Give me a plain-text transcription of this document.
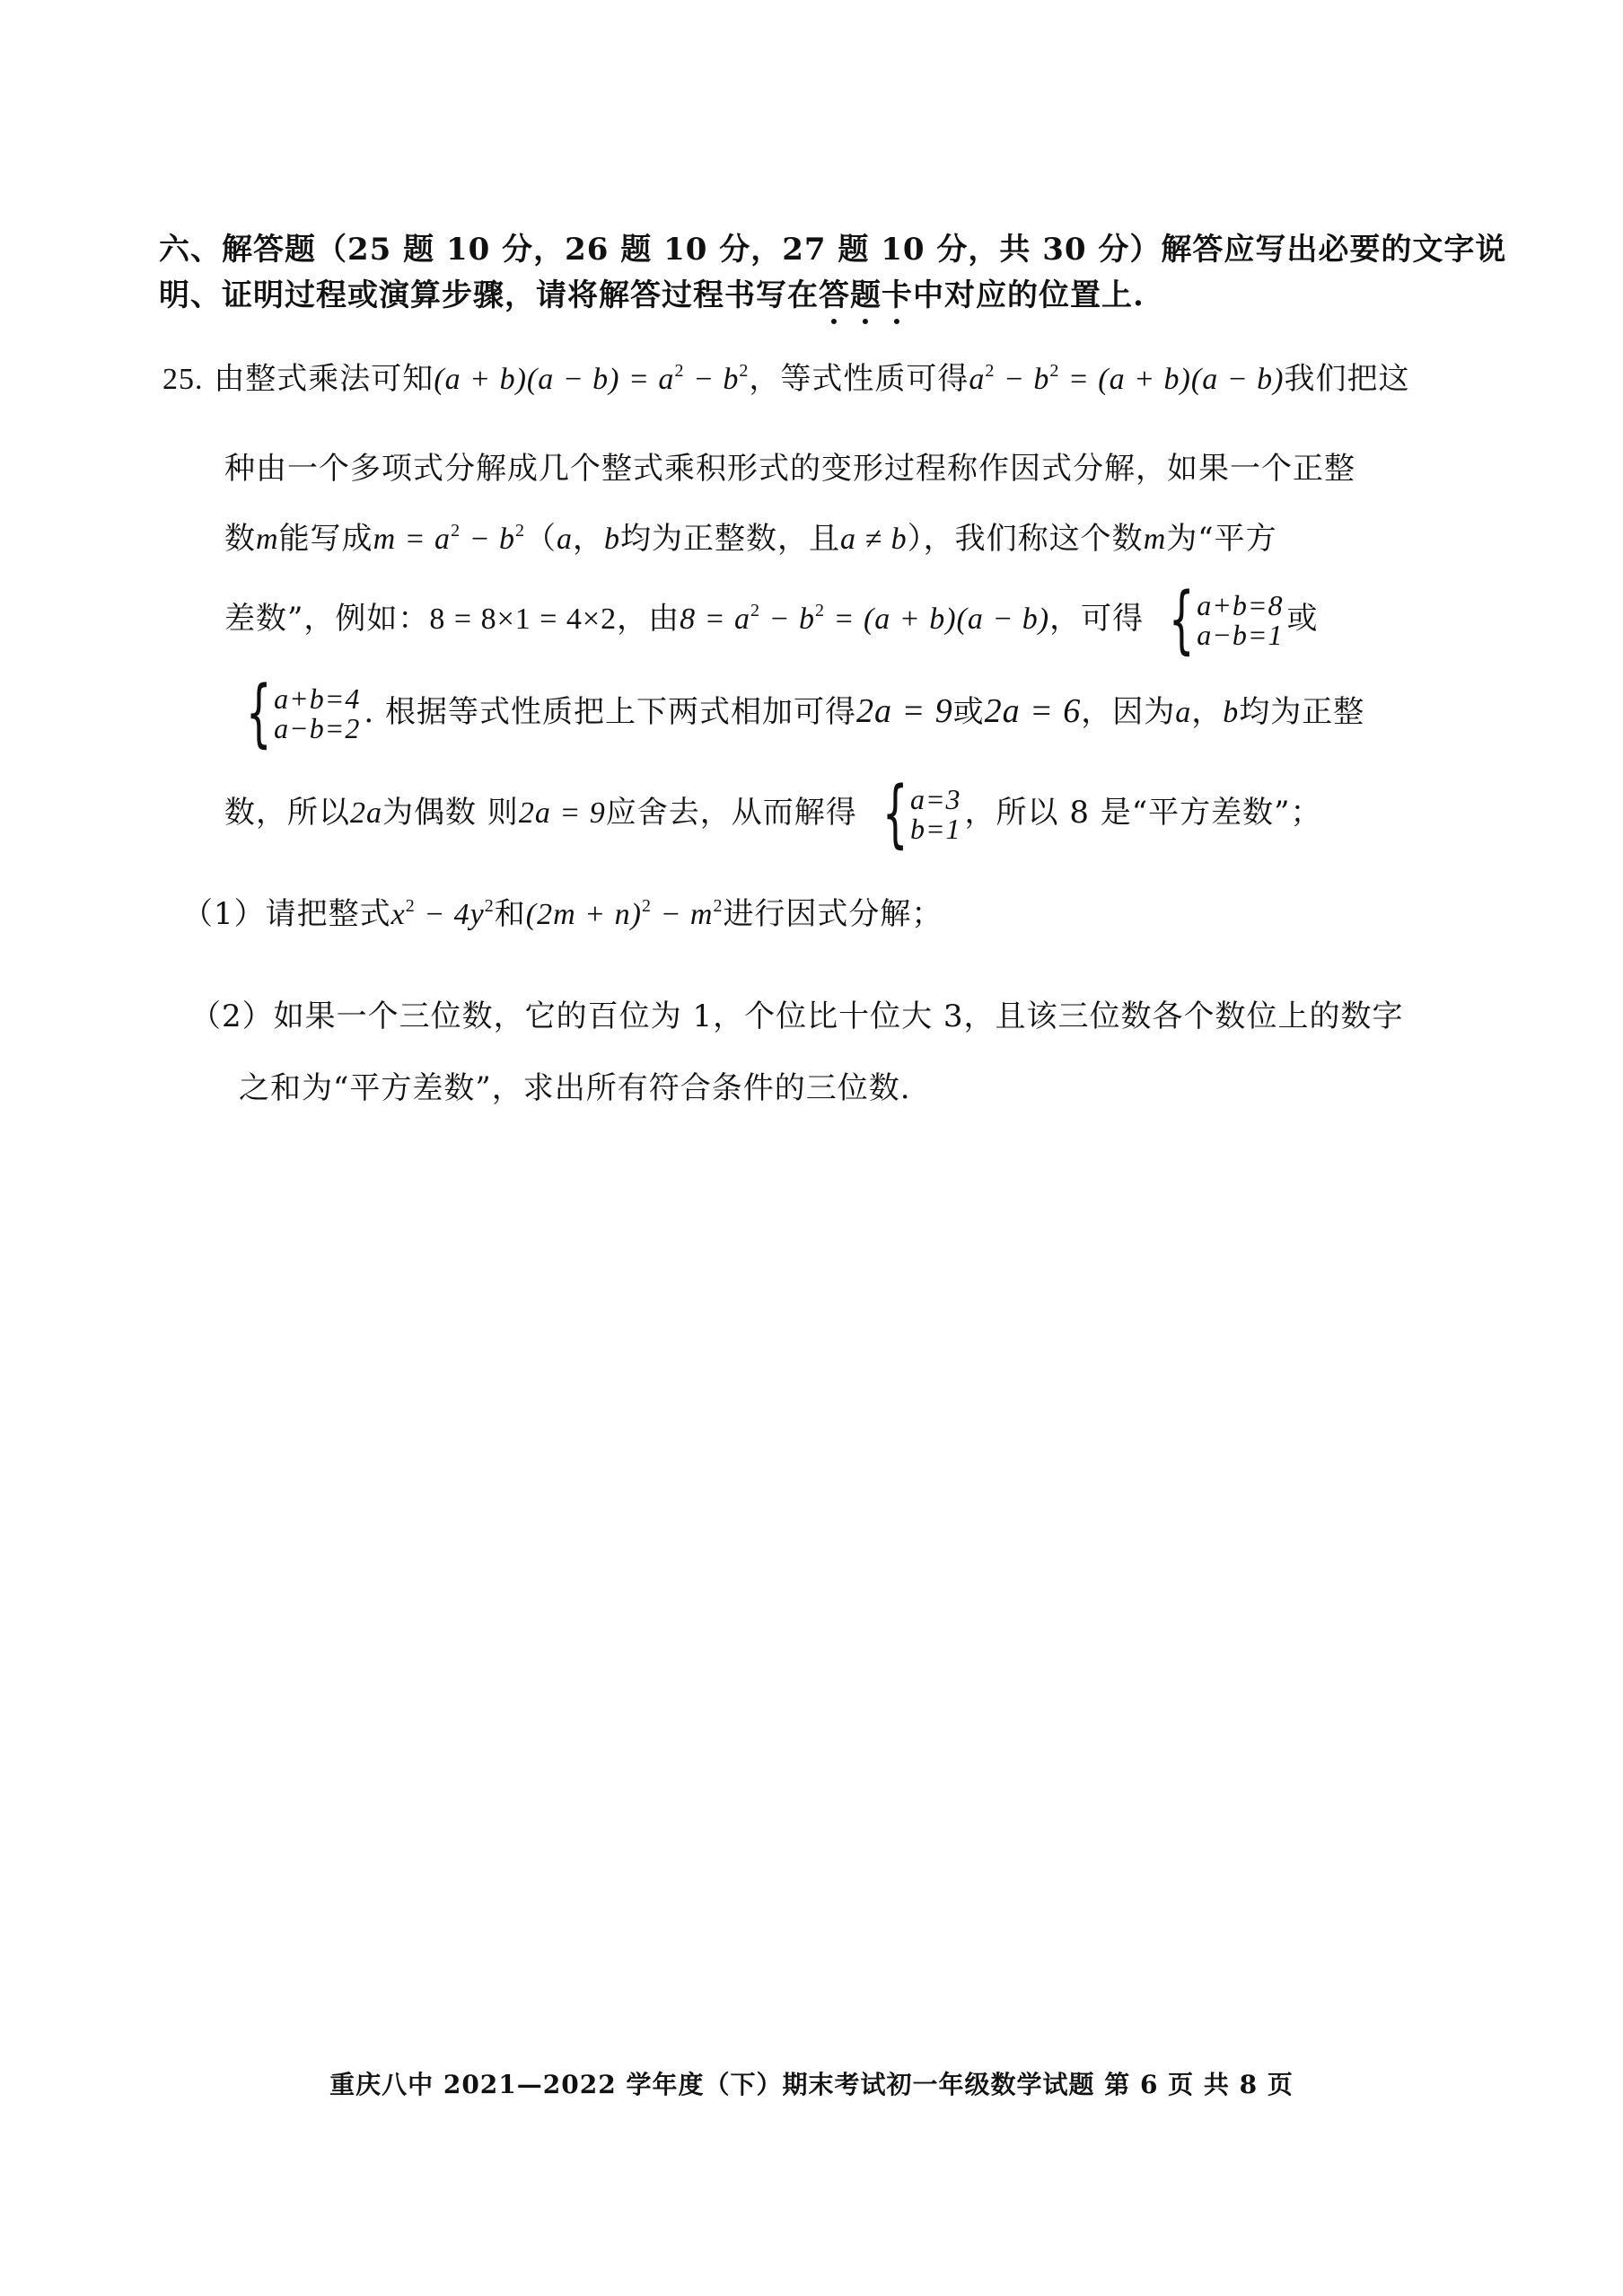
六、解答题（25 题 10 分，26 题 10 分，27 题 10 分，共 30 分）解答应写出必要的文字说
明、证明过程或演算步骤，请将解答过程书写在答题卡中对应的位置上.
25. 由整式乘法可知$(a + b)(a - b) = a^2 - b^2$，等式性质可得$a^2 - b^2 = (a + b)(a - b)$我们把这
种由一个多项式分解成几个整式乘积形式的变形过程称作因式分解，如果一个正整
数m能写成$m = a^2 - b^2(a$，b均为正整数，且a ≠ b），我们称这个数m为“平方
差数”，例如：8 = 8×1 = 4×2，由$8 = a^2 - b^2 = (a + b)(a - b)$，可得 { a+b=8
a−b=1 或
{ a+b=4
a−b=2 . 根据等式性质把上下两式相加可得2a = 9或2a = 6，因为a，b均为正整
数，所以2a为偶数 则2a = 9应舍去，从而解得 { a=3
b=1 ，所以 8 是“平方差数”；
（1）请把整式$x^2 - 4y^2$和$(2m + n)^2 - m^2$进行因式分解；
（2）如果一个三位数，它的百位为 1，个位比十位大 3，且该三位数各个数位上的数字
之和为“平方差数”，求出所有符合条件的三位数.
重庆八中 2021—2022 学年度（下）期末考试初一年级数学试题 第 6 页 共 8 页
